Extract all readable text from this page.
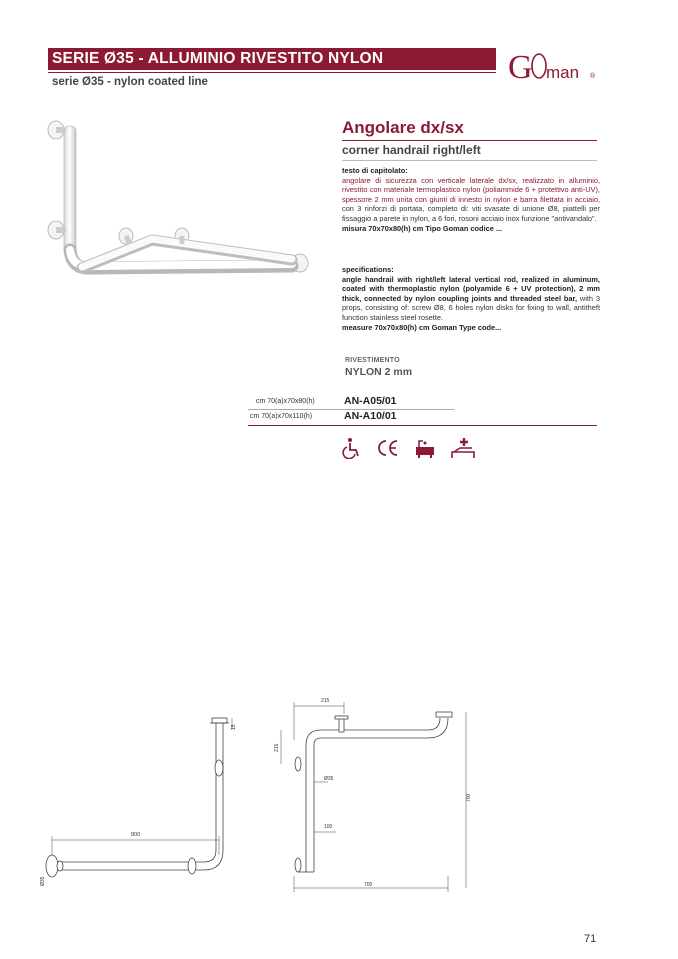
SERIE Ø35 - ALLUMINIO RIVESTITO NYLON
serie Ø35 - nylon coated line	G man ®
Angolare dx/sx
corner handrail right/left
testo di capitolato:
angolare di sicurezza con verticale laterale dx/sx, realizzato in alluminio, rivestito con materiale termoplastico nylon (poliammide 6 + protettivo anti-UV), spessore 2 mm unita con giunti di innesto in nylon e barra filettata in acciaio, con 3 rinforzi di portata, completo di: viti svasate di unione Ø8, piattelli per fissaggio a parete in nylon, a 6 fori, rosoni acciaio inox funzione "antivandalo".
misura 70x70x80(h) cm Tipo Goman codice ...
specifications:
angle handrail with right/left lateral vertical rod, realized in aluminum, coated with thermoplastic nylon (polyamide 6 + UV protection), 2 mm thick, connected by nylon coupling joints and threaded steel bar, with 3 props, consisting of: screw Ø8, 6 holes nylon disks for fixing to wall, antitheft function stainless steel rosette.
measure 70x70x80(h) cm Goman Type code...
RIVESTIMENTO
NYLON 2 mm
cm 70(a)x70x80(h)	AN-A05/01
cm 70(a)x70x110(h)	AN-A10/01
800
15
Ø35
215
215
Ø35
700
100
700
71
